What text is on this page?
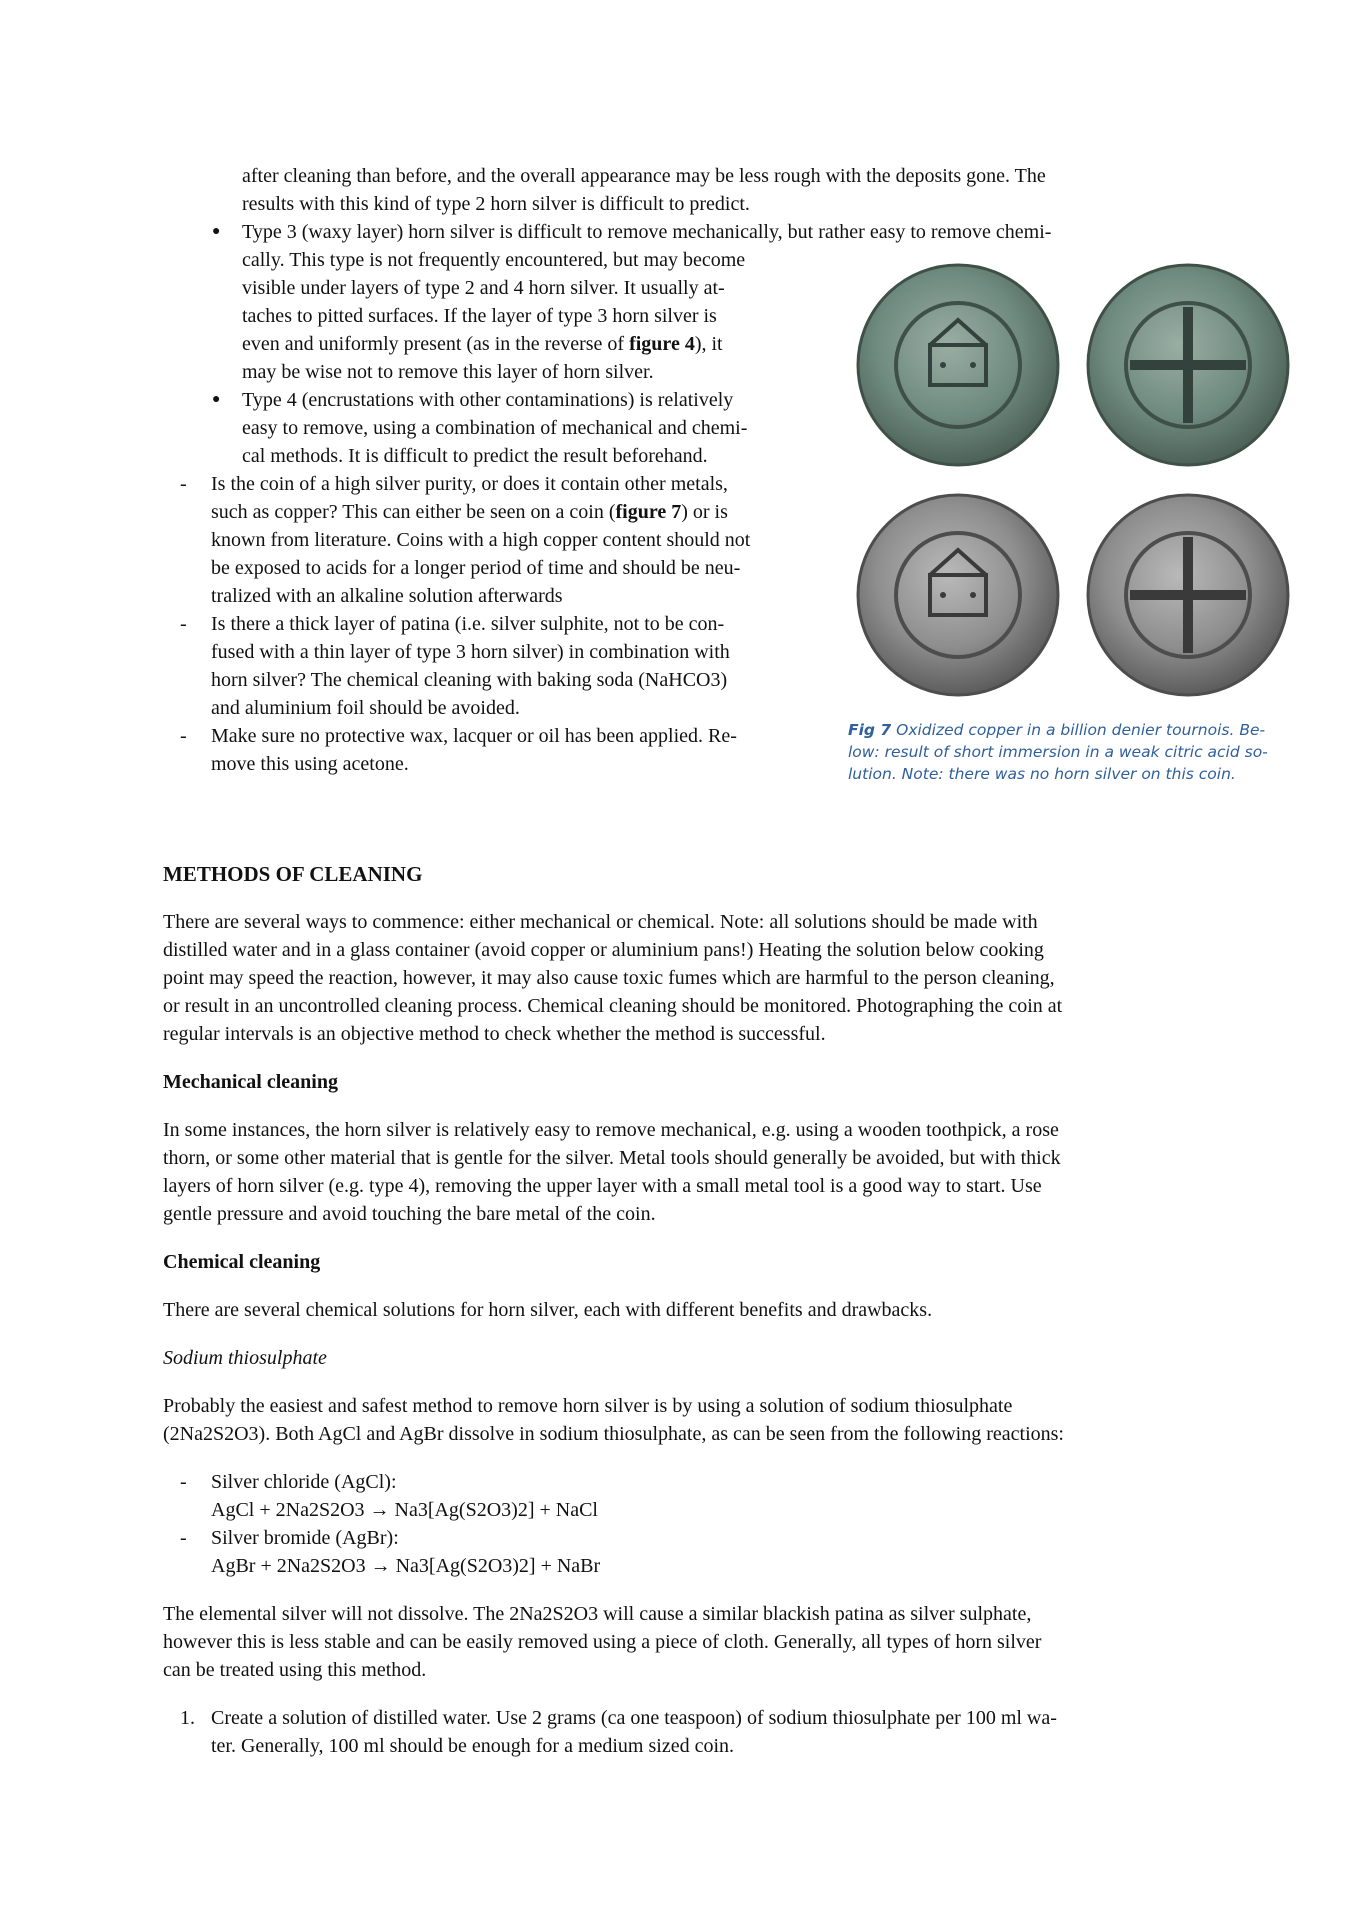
after cleaning than before, and the overall appearance may be less rough with the deposits gone. The
results with this kind of type 2 horn silver is difficult to predict.
● Type 3 (waxy layer) horn silver is difficult to remove mechanically, but rather easy to remove chemi-
cally. This type is not frequently encountered, but may become
visible under layers of type 2 and 4 horn silver. It usually at-
taches to pitted surfaces. If the layer of type 3 horn silver is
even and uniformly present (as in the reverse of figure 4), it
may be wise not to remove this layer of horn silver.
● Type 4 (encrustations with other contaminations) is relatively
easy to remove, using a combination of mechanical and chemi-
cal methods. It is difficult to predict the result beforehand.
- Is the coin of a high silver purity, or does it contain other metals,
such as copper? This can either be seen on a coin (figure 7) or is
known from literature. Coins with a high copper content should not
be exposed to acids for a longer period of time and should be neu-
tralized with an alkaline solution afterwards
- Is there a thick layer of patina (i.e. silver sulphite, not to be con-
fused with a thin layer of type 3 horn silver) in combination with
horn silver? The chemical cleaning with baking soda (NaHCO3)
and aluminium foil should be avoided.
- Make sure no protective wax, lacquer or oil has been applied. Re-
move this using acetone.
Fig 7 Oxidized copper in a billion denier tournois. Be-
low: result of short immersion in a weak citric acid so-
lution. Note: there was no horn silver on this coin.
METHODS OF CLEANING
There are several ways to commence: either mechanical or chemical. Note: all solutions should be made with
distilled water and in a glass container (avoid copper or aluminium pans!) Heating the solution below cooking
point may speed the reaction, however, it may also cause toxic fumes which are harmful to the person cleaning,
or result in an uncontrolled cleaning process. Chemical cleaning should be monitored. Photographing the coin at
regular intervals is an objective method to check whether the method is successful.
Mechanical cleaning
In some instances, the horn silver is relatively easy to remove mechanical, e.g. using a wooden toothpick, a rose
thorn, or some other material that is gentle for the silver. Metal tools should generally be avoided, but with thick
layers of horn silver (e.g. type 4), removing the upper layer with a small metal tool is a good way to start. Use
gentle pressure and avoid touching the bare metal of the coin.
Chemical cleaning
There are several chemical solutions for horn silver, each with different benefits and drawbacks.
Sodium thiosulphate
Probably the easiest and safest method to remove horn silver is by using a solution of sodium thiosulphate
(2Na2S2O3). Both AgCl and AgBr dissolve in sodium thiosulphate, as can be seen from the following reactions:
- Silver chloride (AgCl):
AgCl + 2Na2S2O3 → Na3[Ag(S2O3)2] + NaCl
- Silver bromide (AgBr):
AgBr + 2Na2S2O3 → Na3[Ag(S2O3)2] + NaBr
The elemental silver will not dissolve. The 2Na2S2O3 will cause a similar blackish patina as silver sulphate,
however this is less stable and can be easily removed using a piece of cloth. Generally, all types of horn silver
can be treated using this method.
1. Create a solution of distilled water. Use 2 grams (ca one teaspoon) of sodium thiosulphate per 100 ml wa-
ter. Generally, 100 ml should be enough for a medium sized coin.
